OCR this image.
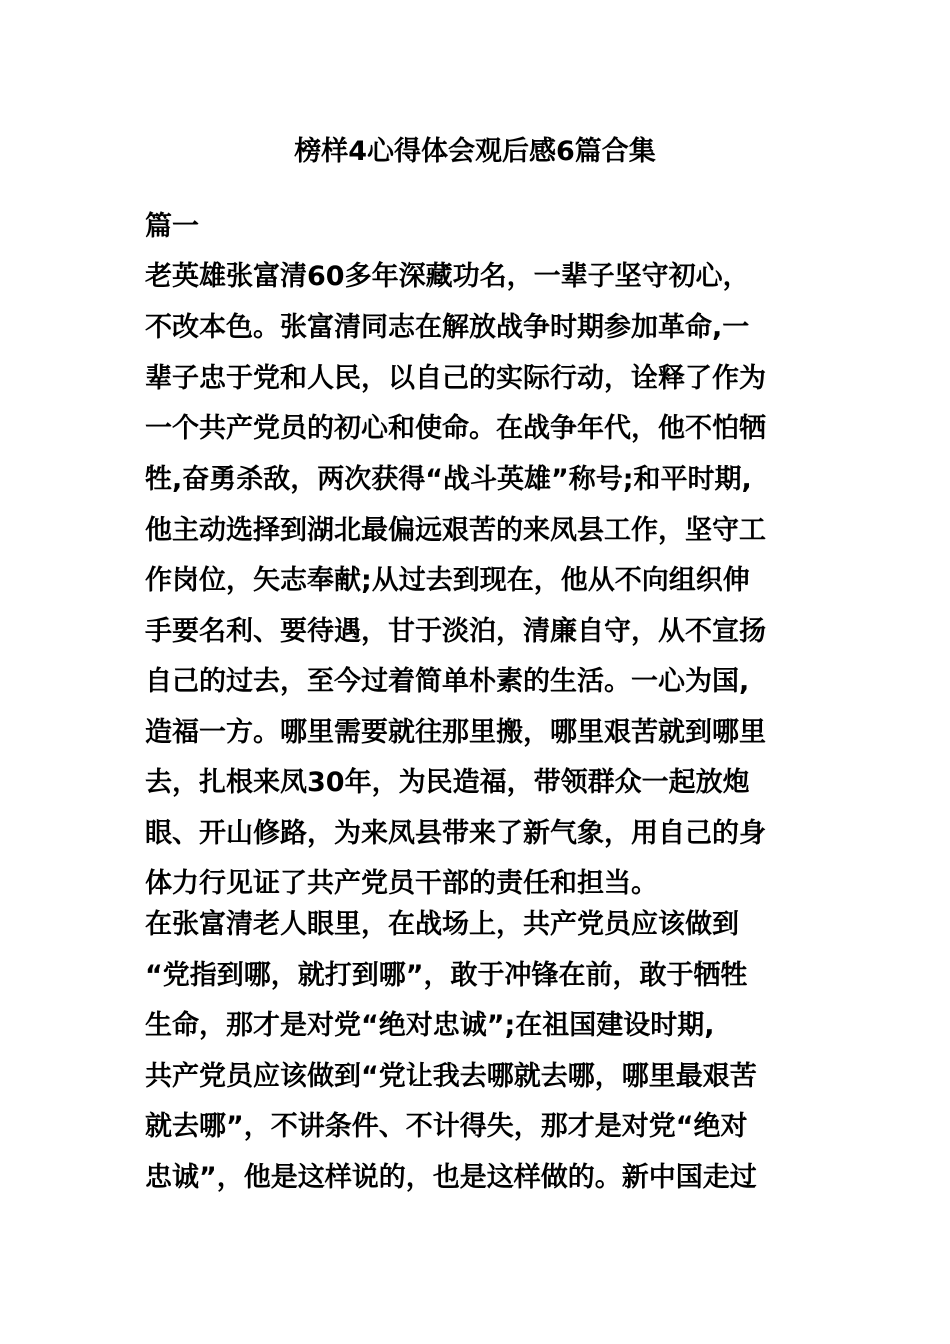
榜样4心得体会观后感6篇合集
篇一
老英雄张富清60多年深藏功名，一辈子坚守初心，
不改本色。张富清同志在解放战争时期参加革命,一
辈子忠于党和人民，以自己的实际行动，诠释了作为
一个共产党员的初心和使命。在战争年代，他不怕牺
牲,奋勇杀敌，两次获得“战斗英雄”称号;和平时期,
他主动选择到湖北最偏远艰苦的来凤县工作，坚守工
作岗位，矢志奉献;从过去到现在，他从不向组织伸
手要名利、要待遇，甘于淡泊，清廉自守，从不宣扬
自己的过去，至今过着简单朴素的生活。一心为国,
造福一方。哪里需要就往那里搬，哪里艰苦就到哪里
去，扎根来凤30年，为民造福，带领群众一起放炮
眼、开山修路，为来凤县带来了新气象，用自己的身
体力行见证了共产党员干部的责任和担当。
在张富清老人眼里，在战场上，共产党员应该做到
“党指到哪，就打到哪”，敢于冲锋在前，敢于牺牲
生命，那才是对党“绝对忠诚”;在祖国建设时期,
共产党员应该做到“党让我去哪就去哪，哪里最艰苦
就去哪”，不讲条件、不计得失，那才是对党“绝对
忠诚”，他是这样说的，也是这样做的。新中国走过
